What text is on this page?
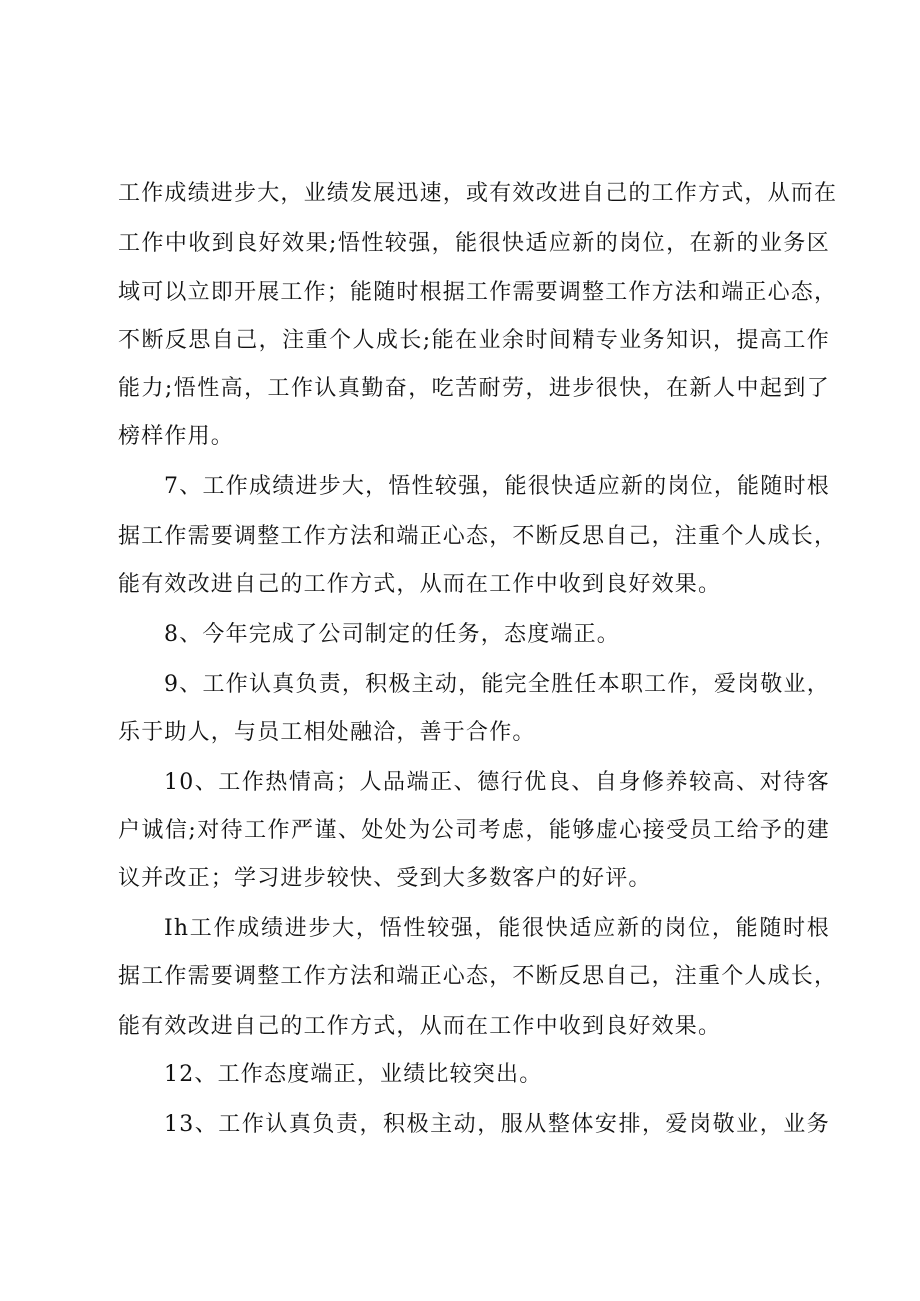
工作成绩进步大，业绩发展迅速，或有效改进自己的工作方式，从而在
工作中收到良好效果;悟性较强，能很快适应新的岗位，在新的业务区
域可以立即开展工作；能随时根据工作需要调整工作方法和端正心态，
不断反思自己，注重个人成长;能在业余时间精专业务知识，提高工作
能力;悟性高，工作认真勤奋，吃苦耐劳，进步很快，在新人中起到了
榜样作用。
7、工作成绩进步大，悟性较强，能很快适应新的岗位，能随时根
据工作需要调整工作方法和端正心态，不断反思自己，注重个人成长，
能有效改进自己的工作方式，从而在工作中收到良好效果。
8、今年完成了公司制定的任务，态度端正。
9、工作认真负责，积极主动，能完全胜任本职工作，爱岗敬业，
乐于助人，与员工相处融洽，善于合作。
10、工作热情高；人品端正、德行优良、自身修养较高、对待客
户诚信;对待工作严谨、处处为公司考虑，能够虚心接受员工给予的建
议并改正；学习进步较快、受到大多数客户的好评。
Ih工作成绩进步大，悟性较强，能很快适应新的岗位，能随时根
据工作需要调整工作方法和端正心态，不断反思自己，注重个人成长，
能有效改进自己的工作方式，从而在工作中收到良好效果。
12、工作态度端正，业绩比较突出。
13、工作认真负责，积极主动，服从整体安排，爱岗敬业，业务
